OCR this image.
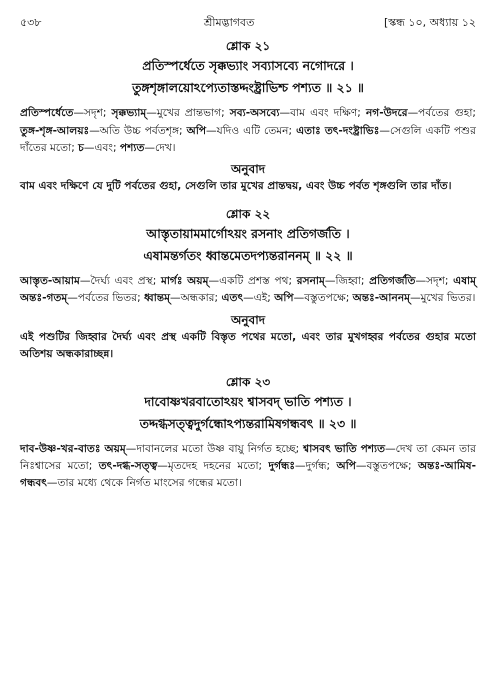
৫৩৮	শ্রীমদ্ভাগবত	[স্কন্ধ ১০, অধ্যায় ১২
শ্লোক ২১
প্রতিস্পর্ধেতে সৃক্কভ্যাং সব্যাসব্যে নগোদরে ।
তুঙ্গশৃঙ্গালয়োঽপ্যেতাস্তদ্দংষ্ট্রাভিশ্চ পশ্যত ॥ ২১ ॥
প্রতিস্পর্ধেতে—সদৃশ; সৃক্কভ্যাম্—মুখের প্রান্তভাগ; সব্য-অসব্যে—বাম এবং দক্ষিণ; নগ-উদরে—পর্বতের গুহা; তুঙ্গ-শৃঙ্গ-আলয়ঃ—অতি উচ্চ পর্বতশৃঙ্গ; অপি—যদিও এটি তেমন; এতাঃ তৎ-দংষ্ট্রাভিঃ—সেগুলি একটি পশুর দাঁতের মতো; চ—এবং; পশ্যত—দেখ।
অনুবাদ
বাম এবং দক্ষিণে যে দুটি পর্বতের গুহা, সেগুলি তার মুখের প্রান্তদ্বয়, এবং উচ্চ পর্বত শৃঙ্গগুলি তার দাঁত।
শ্লোক ২২
আস্তৃতায়ামমার্গোঽয়ং রসনাং প্রতিগর্জতি ।
এষামন্তর্গতং ধ্বান্তমেতদপ্যন্তরাননম্ ॥ ২২ ॥
আস্তৃত-আয়াম—দৈর্ঘ্য এবং প্রস্থ; মার্গঃ অয়ম্—একটি প্রশস্ত পথ; রসনাম্—জিহ্বা; প্রতিগর্জতি—সদৃশ; এষাম্ অন্তঃ-গতম্—পর্বতের ভিতর; ধ্বান্তম্—অন্ধকার; এতৎ—এই; অপি—বস্তুতপক্ষে; অন্তঃ-আননম্—মুখের ভিতর।
অনুবাদ
এই পশুটির জিহ্বার দৈর্ঘ্য এবং প্রস্থ একটি বিস্তৃত পথের মতো, এবং তার মুখগহ্বর পর্বতের গুহার মতো অতিশয় অন্ধকারাচ্ছন্ন।
শ্লোক ২৩
দাবোষ্ণখরবাতোঽয়ং শ্বাসবদ্ ভাতি পশ্যত ।
তদ্দগ্ধসত্ত্বদুর্গন্ধোঽপ্যন্তরামিষগন্ধবৎ ॥ ২৩ ॥
দাব-উষ্ণ-খর-বাতঃ অয়ম্—দাবানলের মতো উষ্ণ বায়ু নির্গত হচ্ছে; শ্বাসবৎ ভাতি পশ্যত—দেখ তা কেমন তার নিঃশ্বাসের মতো; তৎ-দগ্ধ-সত্ত্ব—মৃতদেহ দহনের মতো; দুর্গন্ধঃ—দুর্গন্ধ; অপি—বস্তুতপক্ষে; অন্তঃ-আমিষ-গন্ধবৎ—তার মধ্যে থেকে নির্গত মাংসের গন্ধের মতো।
